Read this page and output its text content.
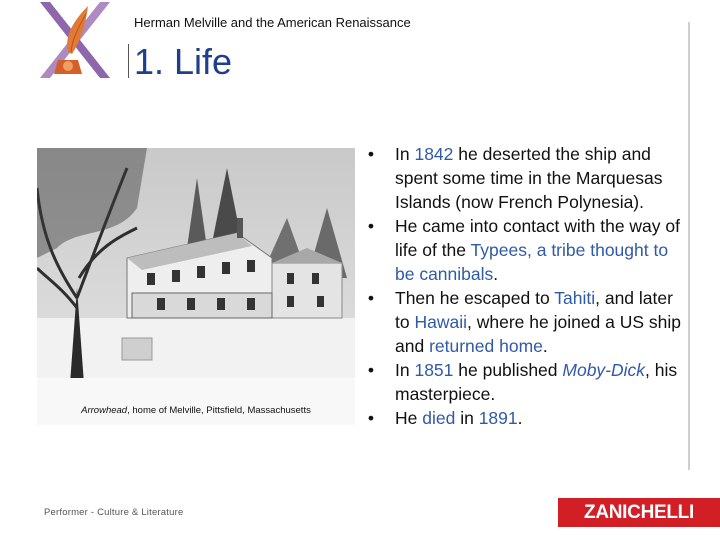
Herman Melville and the American Renaissance
1. Life
Arrowhead, home of Melville, Pittsfield, Massachusetts
• In 1842 he deserted the ship and spent some time in the Marquesas Islands (now French Polynesia).
• He came into contact with the way of life of the Typees, a tribe thought to be cannibals.
• Then he escaped to Tahiti, and later to Hawaii, where he joined a US ship and returned home.
• In 1851 he published Moby-Dick, his masterpiece.
• He died in 1891.
Performer - Culture & Literature	ZANICHELLI
